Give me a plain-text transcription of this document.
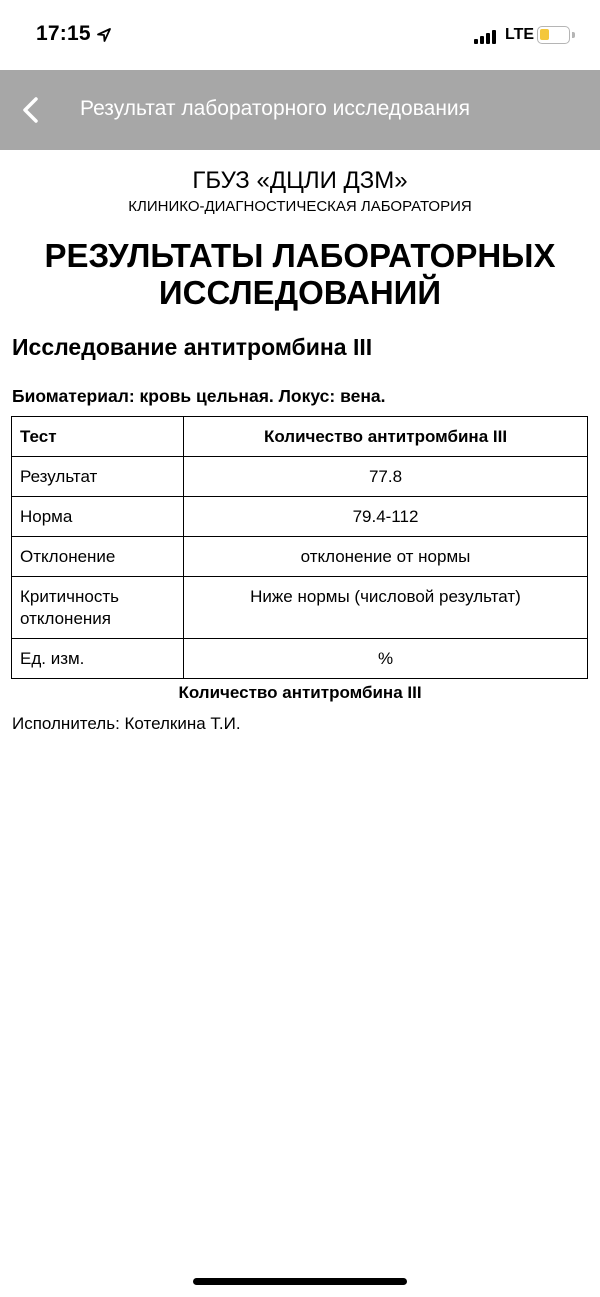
17:15	LTE
Результат лабораторного исследования
ГБУЗ «ДЦЛИ ДЗМ»
КЛИНИКО-ДИАГНОСТИЧЕСКАЯ ЛАБОРАТОРИЯ
РЕЗУЛЬТАТЫ ЛАБОРАТОРНЫХ
ИССЛЕДОВАНИЙ
Исследование антитромбина III
Биоматериал: кровь цельная. Локус: вена.
Тест	Количество антитромбина III
Результат	77.8
Норма	79.4-112
Отклонение	отклонение от нормы

Критичность
отклонения	Ниже нормы (числовой результат)
Ед. изм.	%
Количество антитромбина III
Исполнитель: Котелкина Т.И.
